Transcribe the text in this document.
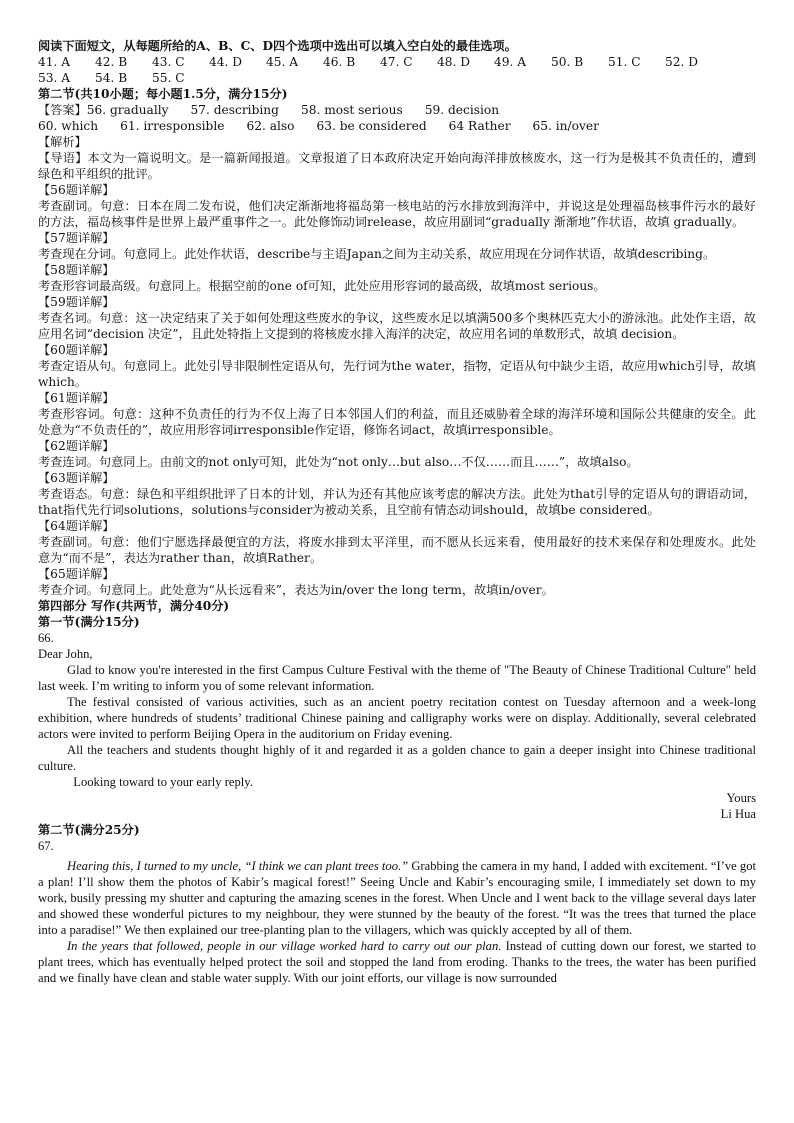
阅读下面短文，从每题所给的A、B、C、D四个选项中选出可以填入空白处的最佳选项。

41. A	42. B	43. C	44. D	45. A	46. B	47. C	48. D	49. A	50. B	51. C	52. D
53. A	54. B	55. C

第二节(共10小题；每小题1.5分，满分15分)

【答案】 56. gradually 57. describing 58. most serious 59. decision
60. which 61. irresponsible 62. also 63. be considered 64 Rather 65. in/over

【解析】

【导语】本文为一篇说明文。是一篇新闻报道。文章报道了日本政府决定开始向海洋排放核废水，这一行为是极其不负责任的，遭到绿色和平组织的批评。

【56题详解】

考查副词。句意：日本在周二发布说，他们决定渐渐地将福岛第一核电站的污水排放到海洋中，并说这是处理福岛核事件污水的最好的方法，福岛核事件是世界上最严重事件之一。此处修饰动词release，故应用副词“gradually 渐渐地”作状语，故填 gradually。

【57题详解】

考查现在分词。句意同上。此处作状语，describe与主语Japan之间为主动关系，故应用现在分词作状语，故填describing。

【58题详解】

考查形容词最高级。句意同上。根据空前的one of可知，此处应用形容词的最高级，故填most serious。

【59题详解】

考查名词。句意：这一决定结束了关于如何处理这些废水的争议，这些废水足以填满500多个奥林匹克大小的游泳池。此处作主语，故应用名词“decision 决定”，且此处特指上文提到的将核废水排入海洋的决定，故应用名词的单数形式，故填 decision。

【60题详解】

考查定语从句。句意同上。此处引导非限制性定语从句，先行词为the water，指物，定语从句中缺少主语，故应用which引导，故填which。

【61题详解】

考查形容词。句意：这种不负责任的行为不仅上海了日本邻国人们的利益，而且还威胁着全球的海洋环境和国际公共健康的安全。此处意为“不负责任的”，故应用形容词irresponsible作定语，修饰名词act，故填irresponsible。

【62题详解】

考查连词。句意同上。由前文的not only可知，此处为“not only…but also…不仅……而且……”，故填also。

【63题详解】

考查语态。句意：绿色和平组织批评了日本的计划，并认为还有其他应该考虑的解决方法。此处为that引导的定语从句的谓语动词，that指代先行词solutions，solutions与consider为被动关系，且空前有情态动词should，故填be considered。

【64题详解】

考查副词。句意：他们宁愿选择最便宜的方法，将废水排到太平洋里，而不愿从长远来看，使用最好的技术来保存和处理废水。此处意为“而不是”，表达为rather than，故填Rather。

【65题详解】

考查介词。句意同上。此处意为“从长远看来”，表达为in/over the long term，故填in/over。

第四部分 写作(共两节，满分40分)

第一节(满分15分)

66.

Dear John,

Glad to know you're interested in the first Campus Culture Festival with the theme of "The Beauty of Chinese Traditional Culture" held last week. I’m writing to inform you of some relevant information.

The festival consisted of various activities, such as an ancient poetry recitation contest on Tuesday afternoon and a week-long exhibition, where hundreds of students’ traditional Chinese paining and calligraphy works were on display. Additionally, several celebrated actors were invited to perform Beijing Opera in the auditorium on Friday evening.

All the teachers and students thought highly of it and regarded it as a golden chance to gain a deeper insight into Chinese traditional culture.

Looking toward to your early reply.

Yours

Li Hua

第二节(满分25分)

67.

Hearing this, I turned to my uncle, “I think we can plant trees too.” Grabbing the camera in my hand, I added with excitement. “I’ve got a plan! I’ll show them the photos of Kabir’s magical forest!” Seeing Uncle and Kabir’s encouraging smile, I immediately set down to my work, busily pressing my shutter and capturing the amazing scenes in the forest. When Uncle and I went back to the village several days later and showed these wonderful pictures to my neighbour, they were stunned by the beauty of the forest. “It was the trees that turned the place into a paradise!” We then explained our tree-planting plan to the villagers, which was quickly accepted by all of them.

In the years that followed, people in our village worked hard to carry out our plan. Instead of cutting down our forest, we started to plant trees, which has eventually helped protect the soil and stopped the land from eroding. Thanks to the trees, the water has been purified and we finally have clean and stable water supply. With our joint efforts, our village is now surrounded
